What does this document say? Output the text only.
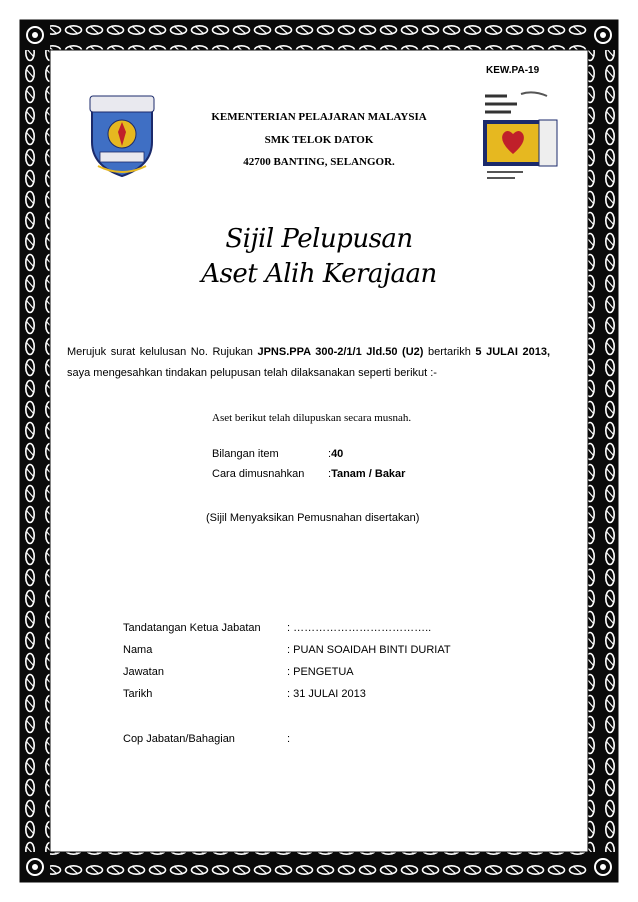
KEW.PA-19
KEMENTERIAN PELAJARAN MALAYSIA
SMK TELOK DATOK
42700 BANTING, SELANGOR.
Sijil Pelupusan
Aset Alih Kerajaan
Merujuk surat kelulusan No. Rujukan JPNS.PPA 300-2/1/1 Jld.50 (U2) bertarikh 5 JULAI 2013,
saya mengesahkan tindakan pelupusan telah dilaksanakan seperti berikut :-
Aset berikut telah dilupuskan secara musnah.
Bilangan item	:40
Cara dimusnahkan :Tanam / Bakar
(Sijil Menyaksikan Pemusnahan disertakan)
Tandatangan Ketua Jabatan : ………………………………..
Nama	: PUAN SOAIDAH BINTI DURIAT
Jawatan	: PENGETUA
Tarikh	: 31 JULAI 2013
Cop Jabatan/Bahagian	:
